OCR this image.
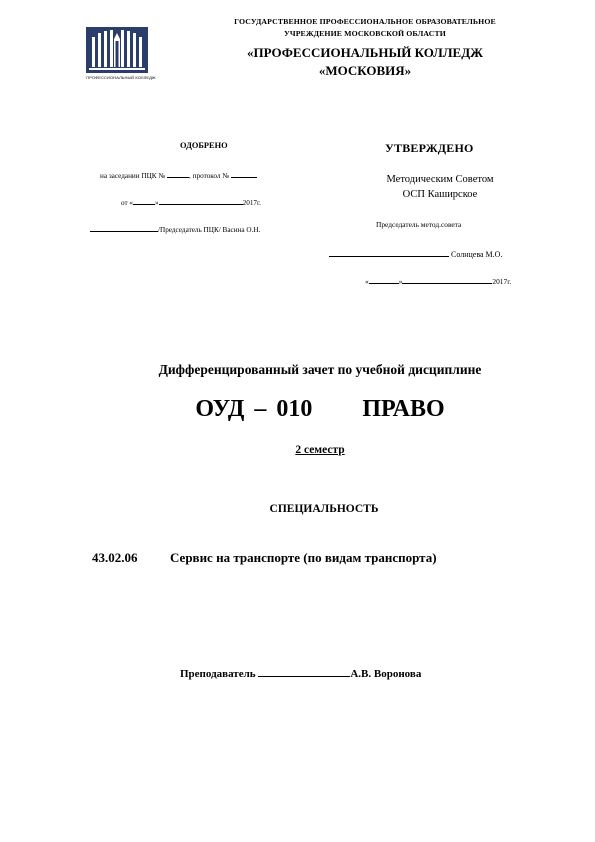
ПРОФЕССИОНАЛЬНЫЙ КОЛЛЕДЖ
ГОСУДАРСТВЕННОЕ ПРОФЕССИОНАЛЬНОЕ ОБРАЗОВАТЕЛЬНОЕ
УЧРЕЖДЕНИЕ МОСКОВСКОЙ ОБЛАСТИ
«ПРОФЕССИОНАЛЬНЫЙ КОЛЛЕДЖ
«МОСКОВИЯ»
ОДОБРЕНО
на заседании ПЦК №	, протокол №
от «	»	2017г.
/Председатель ПЦК/ Васина О.Н.
УТВЕРЖДЕНО
Методическим Советом
ОСП Каширское
Председатель метод.совета
Солнцева М.О.
«	»	2017г.
Дифференцированный зачет по учебной дисциплине
ОУД – 010     ПРАВО
2 семестр
СПЕЦИАЛЬНОСТЬ
43.02.06	Сервис на транспорте (по видам транспорта)
Преподаватель	А.В. Воронова
